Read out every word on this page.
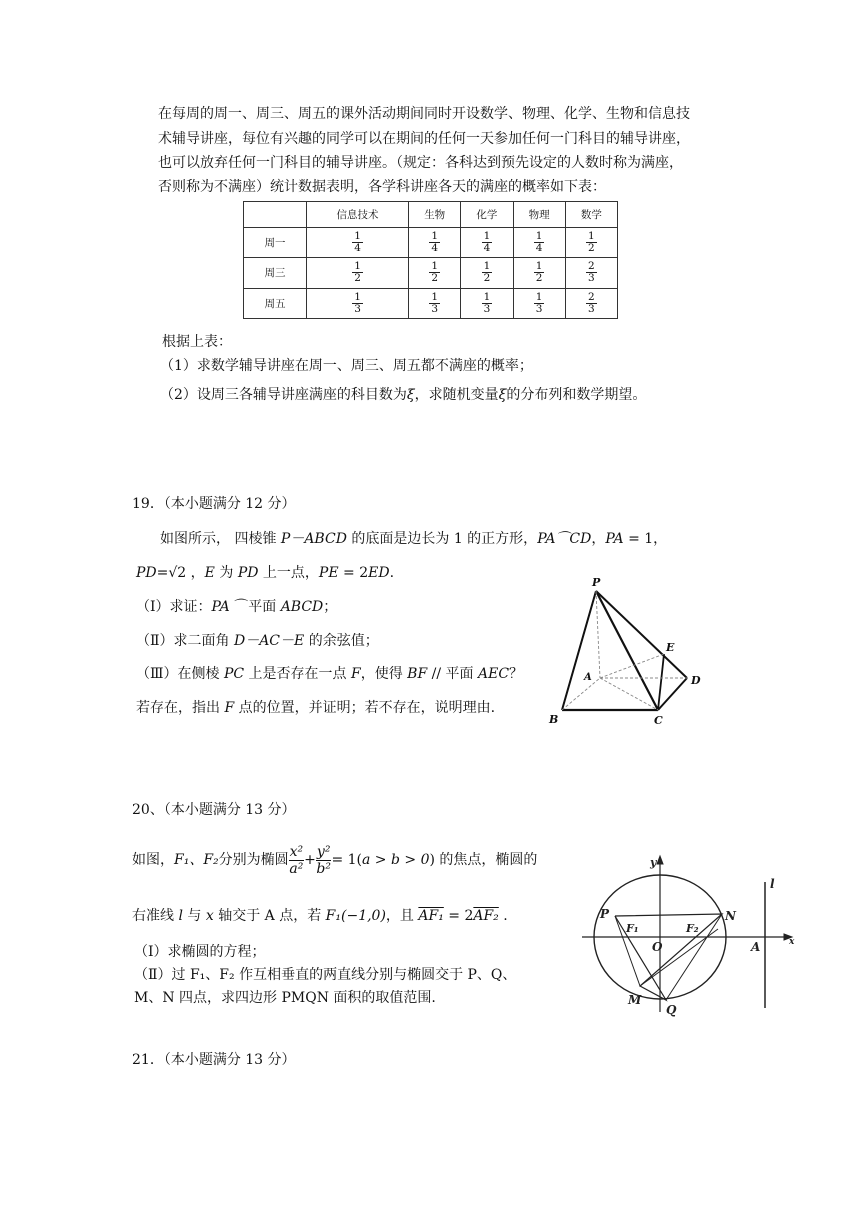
在每周的周一、周三、周五的课外活动期间同时开设数学、物理、化学、生物和信息技
术辅导讲座，每位有兴趣的同学可以在期间的任何一天参加任何一门科目的辅导讲座，
也可以放弃任何一门科目的辅导讲座。（规定：各科达到预先设定的人数时称为满座，
否则称为不满座）统计数据表明，各学科讲座各天的满座的概率如下表：
	信息技术	生物	化学	物理	数学
周一	$\frac{1}{4}$	$\frac{1}{4}$	$\frac{1}{4}$	$\frac{1}{4}$	$\frac{1}{2}$

周三	$\frac{1}{2}$	$\frac{1}{2}$	$\frac{1}{2}$	$\frac{1}{2}$	$\frac{2}{3}$

周五	$\frac{1}{3}$	$\frac{1}{3}$	$\frac{1}{3}$	$\frac{1}{3}$	$\frac{2}{3}$
根据上表：
（1）求数学辅导讲座在周一、周三、周五都不满座的概率；
（2）设周三各辅导讲座满座的科目数为ξ，求随机变量ξ的分布列和数学期望。
19．（本小题满分 12 分）
如图所示， 四棱锥 P－ABCD 的底面是边长为 1 的正方形，PA⌒CD，PA = 1，
PD=√2 ，E 为 PD 上一点，PE = 2ED.
（Ⅰ）求证：PA ⌒平面 ABCD；
（Ⅱ）求二面角 D－AC－E 的余弦值；
（Ⅲ）在侧棱 PC 上是否存在一点 F，使得 BF // 平面 AEC？
若存在，指出 F 点的位置，并证明；若不存在，说明理由.
P
A
B	C
D
E
20、（本小题满分 13 分）
如图， F₁、F₂ 分别为椭圆 $\frac{\text{x²}}{\text{a²}} + \frac{\text{y²}}{\text{b²}} = 1$( a > b > 0 ) 的焦点，椭圆的
右准线 l 与 x 轴交于 A 点，若 F₁(−1,0)，且 AF₁ = 2AF₂ .
（Ⅰ）求椭圆的方程；
（Ⅱ）过 F₁、F₂ 作互相垂直的两直线分别与椭圆交于 P、Q、
M、N 四点，求四边形 PMQN 面积的取值范围.
y
l
P	N
F₁	F₂
O	A	x
M
Q
21．（本小题满分 13 分）
